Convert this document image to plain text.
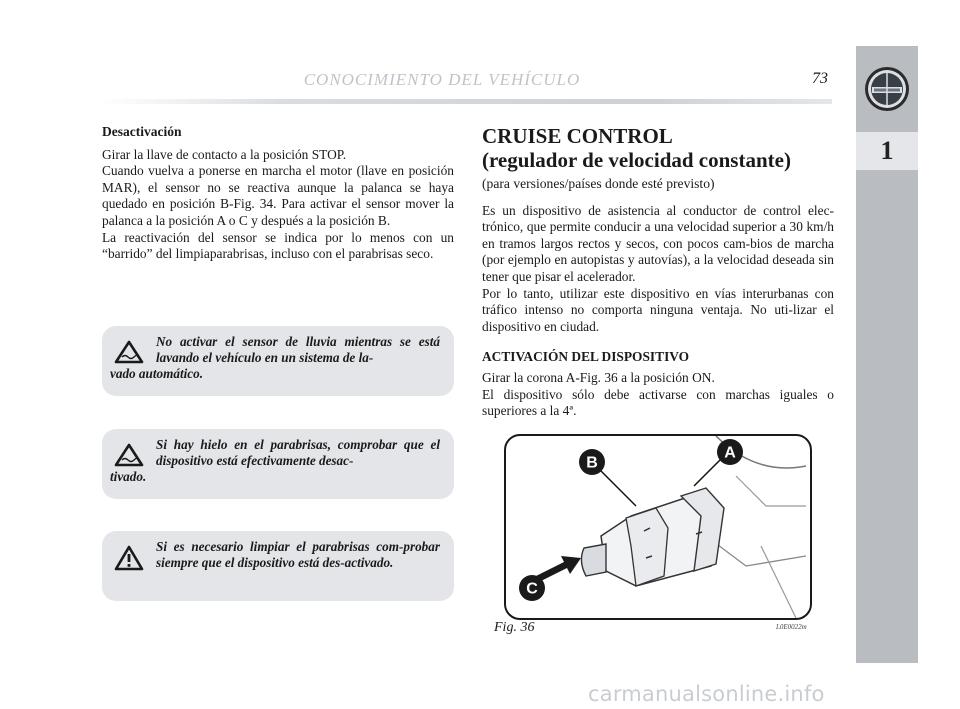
CONOCIMIENTO DEL VEHÍCULO	73
1

Desactivación

Girar la llave de contacto a la posición STOP.

Cuando vuelva a ponerse en marcha el motor (llave en posición MAR), el sensor no se reactiva aunque la palanca se haya quedado en posición B-Fig. 34. Para activar el sensor mover la palanca a la posición A o C y después a la posición B.

La reactivación del sensor se indica por lo menos con un “barrido” del limpiaparabrisas, incluso con el parabrisas seco.

No activar el sensor de lluvia mientras se está lavando el vehículo en un sistema de la-
vado automático.
Si hay hielo en el parabrisas, comprobar que el dispositivo está efectivamente desac-
tivado.
Si es necesario limpiar el parabrisas com-probar siempre que el dispositivo está des-activado.

CRUISE CONTROL

(regulador de velocidad constante)

(para versiones/países donde esté previsto)

Es un dispositivo de asistencia al conductor de control elec-trónico, que permite conducir a una velocidad superior a 30 km/h en tramos largos rectos y secos, con pocos cam-bios de marcha (por ejemplo en autopistas y autovías), a la velocidad deseada sin tener que pisar el acelerador.

Por lo tanto, utilizar este dispositivo en vías interurbanas con tráfico intenso no comporta ninguna ventaja. No uti-lizar el dispositivo en ciudad.

ACTIVACIÓN DEL DISPOSITIVO

Girar la corona A-Fig. 36 a la posición ON.

El dispositivo sólo debe activarse con marchas iguales o superiores a la 4ª.

B
A
C
Fig. 36	L0E0022m
carmanualsonline.info
